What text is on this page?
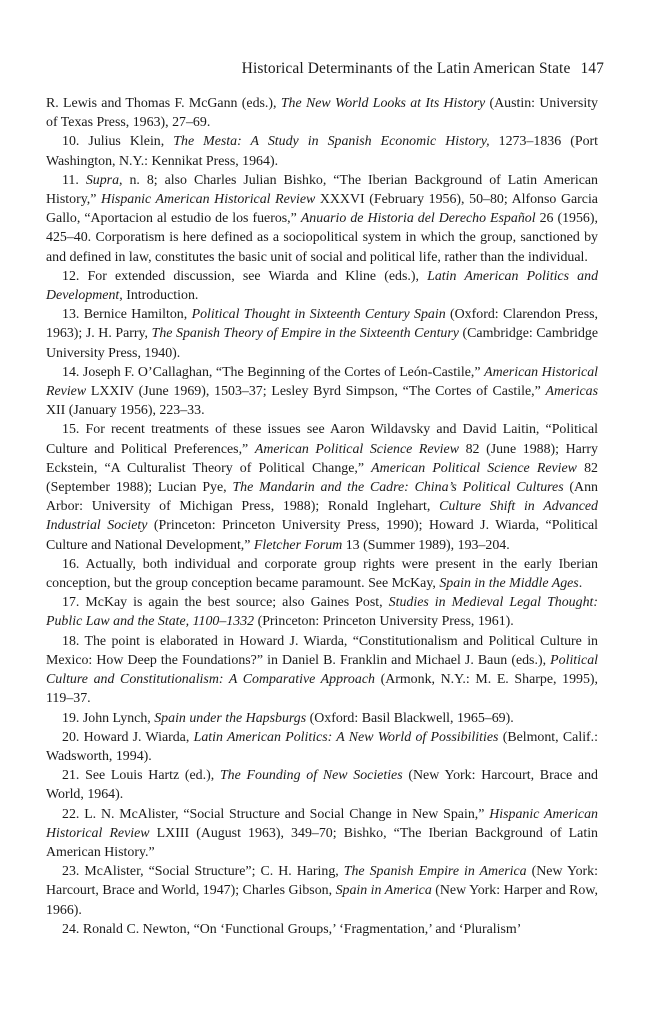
Historical Determinants of the Latin American State 147

R. Lewis and Thomas F. McGann (eds.), The New World Looks at Its History (Austin: University of Texas Press, 1963), 27–69.

10. Julius Klein, The Mesta: A Study in Spanish Economic History, 1273–1836 (Port Washington, N.Y.: Kennikat Press, 1964).

11. Supra, n. 8; also Charles Julian Bishko, “The Iberian Background of Latin American History,” Hispanic American Historical Review XXXVI (February 1956), 50–80; Alfonso Garcia Gallo, “Aportacion al estudio de los fueros,” Anuario de Historia del Derecho Español 26 (1956), 425–40. Corporatism is here defined as a sociopolitical system in which the group, sanctioned by and defined in law, constitutes the basic unit of social and political life, rather than the individual.

12. For extended discussion, see Wiarda and Kline (eds.), Latin American Politics and Development, Introduction.

13. Bernice Hamilton, Political Thought in Sixteenth Century Spain (Oxford: Clarendon Press, 1963); J. H. Parry, The Spanish Theory of Empire in the Sixteenth Century (Cambridge: Cambridge University Press, 1940).

14. Joseph F. O’Callaghan, “The Beginning of the Cortes of León-Castile,” American Historical Review LXXIV (June 1969), 1503–37; Lesley Byrd Simpson, “The Cortes of Castile,” Americas XII (January 1956), 223–33.

15. For recent treatments of these issues see Aaron Wildavsky and David Laitin, “Political Culture and Political Preferences,” American Political Science Review 82 (June 1988); Harry Eckstein, “A Culturalist Theory of Political Change,” American Political Science Review 82 (September 1988); Lucian Pye, The Mandarin and the Cadre: China’s Political Cultures (Ann Arbor: University of Michigan Press, 1988); Ronald Inglehart, Culture Shift in Advanced Industrial Society (Princeton: Princeton University Press, 1990); Howard J. Wiarda, “Political Culture and National Development,” Fletcher Forum 13 (Summer 1989), 193–204.

16. Actually, both individual and corporate group rights were present in the early Iberian conception, but the group conception became paramount. See McKay, Spain in the Middle Ages.

17. McKay is again the best source; also Gaines Post, Studies in Medieval Legal Thought: Public Law and the State, 1100–1332 (Princeton: Princeton University Press, 1961).

18. The point is elaborated in Howard J. Wiarda, “Constitutionalism and Political Culture in Mexico: How Deep the Foundations?” in Daniel B. Franklin and Michael J. Baun (eds.), Political Culture and Constitutionalism: A Comparative Approach (Armonk, N.Y.: M. E. Sharpe, 1995), 119–37.

19. John Lynch, Spain under the Hapsburgs (Oxford: Basil Blackwell, 1965–69).

20. Howard J. Wiarda, Latin American Politics: A New World of Possibilities (Belmont, Calif.: Wadsworth, 1994).

21. See Louis Hartz (ed.), The Founding of New Societies (New York: Harcourt, Brace and World, 1964).

22. L. N. McAlister, “Social Structure and Social Change in New Spain,” Hispanic American Historical Review LXIII (August 1963), 349–70; Bishko, “The Iberian Background of Latin American History.”

23. McAlister, “Social Structure”; C. H. Haring, The Spanish Empire in America (New York: Harcourt, Brace and World, 1947); Charles Gibson, Spain in America (New York: Harper and Row, 1966).

24. Ronald C. Newton, “On ‘Functional Groups,’ ‘Fragmentation,’ and ‘Pluralism’
